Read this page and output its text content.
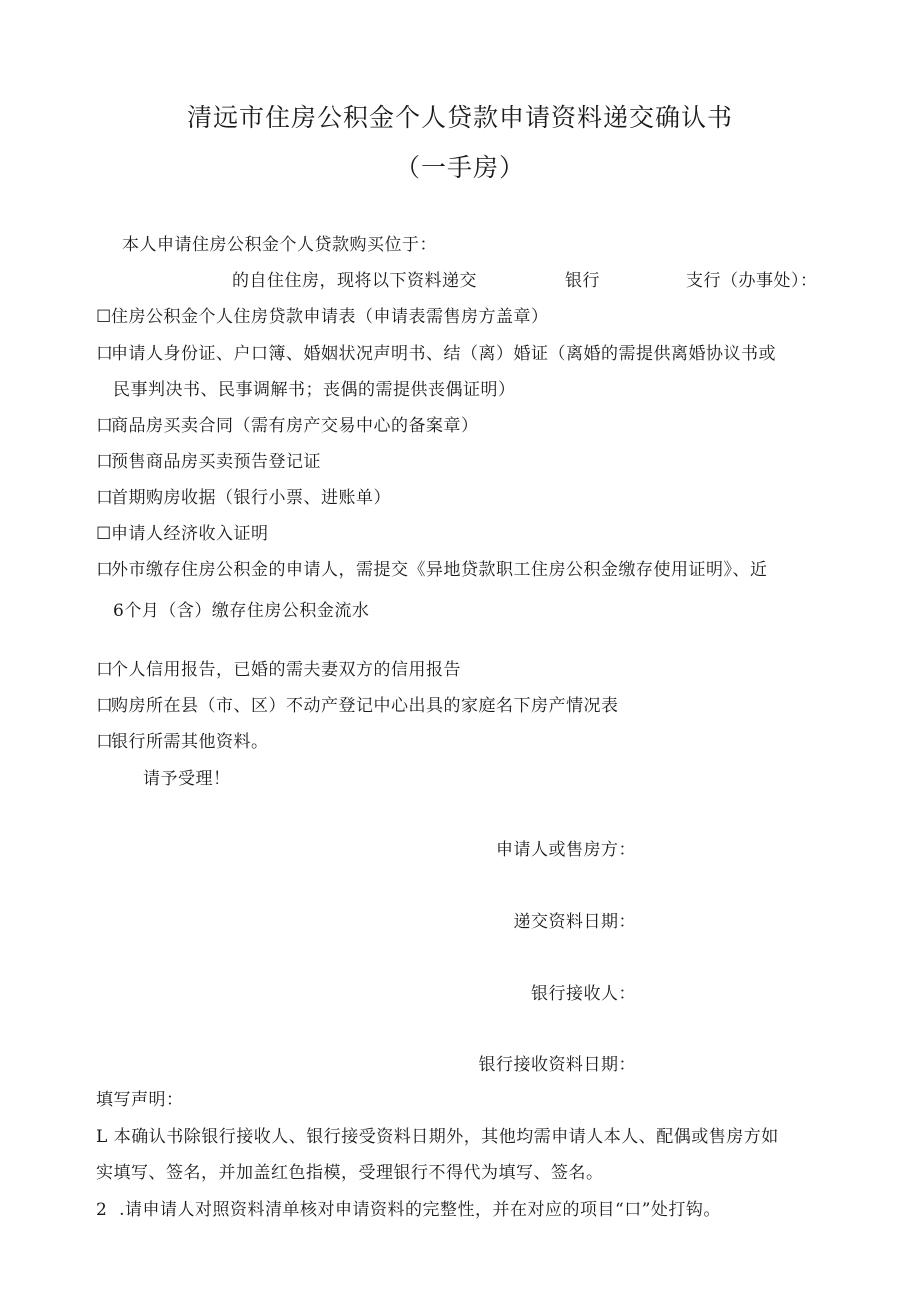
清远市住房公积金个人贷款申请资料递交确认书
（一手房）
本人申请住房公积金个人贷款购买位于：
的自住住房，现将以下资料递交	银行	支行（办事处）：
☐住房公积金个人住房贷款申请表（申请表需售房方盖章）
口申请人身份证、户口簿、婚姻状况声明书、结（离）婚证（离婚的需提供离婚协议书或
民事判决书、民事调解书；丧偶的需提供丧偶证明）
口商品房买卖合同（需有房产交易中心的备案章）
口预售商品房买卖预告登记证
口首期购房收据（银行小票、进账单）
☐申请人经济收入证明
口外市缴存住房公积金的申请人，需提交《异地贷款职工住房公积金缴存使用证明》、近
6个月（含）缴存住房公积金流水
口个人信用报告，已婚的需夫妻双方的信用报告
口购房所在县（市、区）不动产登记中心出具的家庭名下房产情况表
口银行所需其他资料。
请予受理！
申请人或售房方：
递交资料日期：
银行接收人：
银行接收资料日期：
填写声明：
L 本确认书除银行接收人、银行接受资料日期外，其他均需申请人本人、配偶或售房方如
实填写、签名，并加盖红色指模，受理银行不得代为填写、签名。
2 .请申请人对照资料清单核对申请资料的完整性，并在对应的项目“口”处打钩。
